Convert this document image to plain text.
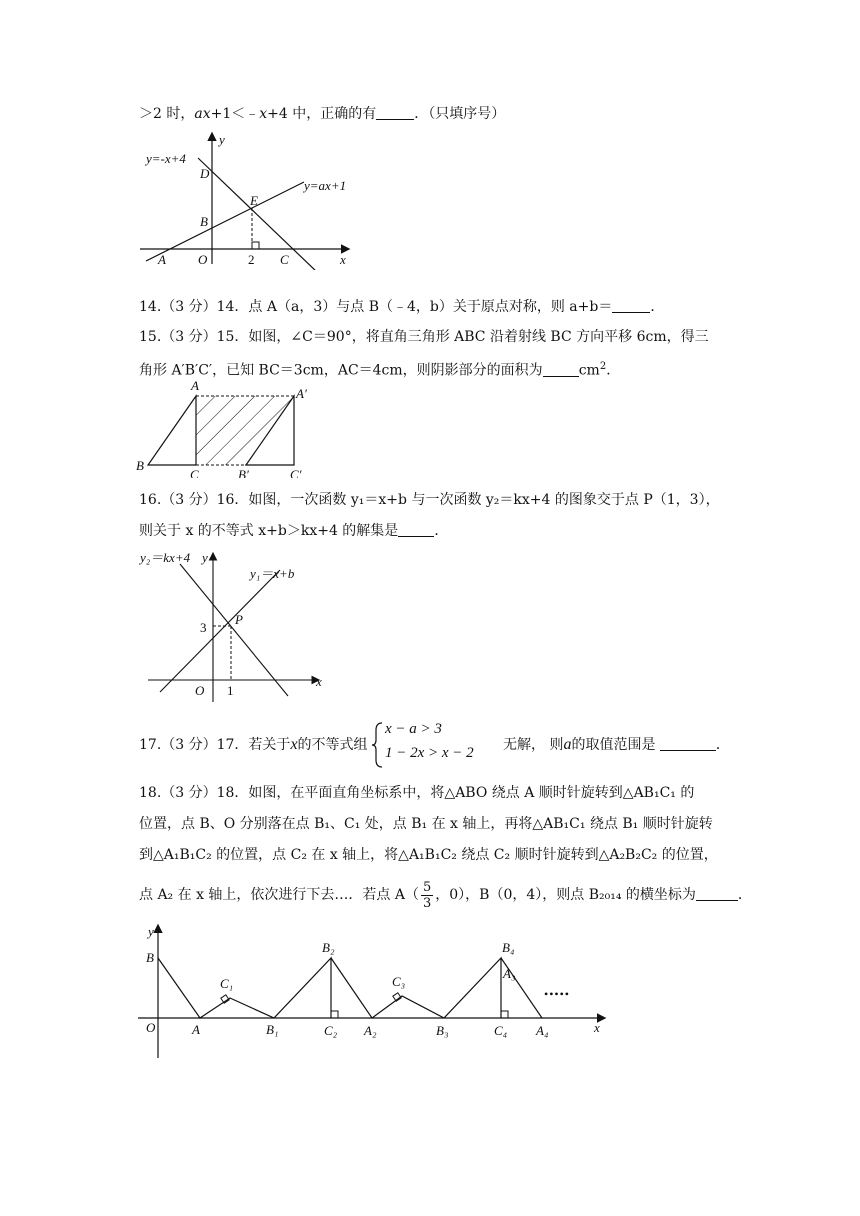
＞2 时，ax+1＜﹣x+4 中，正确的有	．（只填序号）
y
x
y=-x+4
y=ax+1
D
E
B
A O	2 C
14.（3 分）14．点 A（a，3）与点 B（﹣4，b）关于原点对称，则 a+b＝	．
15.（3 分）15．如图，∠C＝90°，将直角三角形 ABC 沿着射线 BC 方向平移 6cm，得三
角形 A′B′C′，已知 BC＝3cm，AC＝4cm，则阴影部分的面积为	$cm^2$．
A
A′
B
C	B′	C′
16.（3 分）16．如图，一次函数 y₁＝x+b 与一次函数 y₂＝kx+4 的图象交于点 P（1，3），
则关于 x 的不等式 x+b＞kx+4 的解集是	．
y₂＝kx+4 y
y₁＝x+b
P
3
O 1
x
17.（3 分）17．若关于x的不等式组
x − a > 3
1 − 2x > x − 2 无解， 则a的取值范围是	．
18.（3 分）18．如图，在平面直角坐标系中，将△ABO 绕点 A 顺时针旋转到△AB₁C₁ 的
位置，点 B、O 分别落在点 B₁、C₁ 处，点 B₁ 在 x 轴上，再将△AB₁C₁ 绕点 B₁ 顺时针旋转
到△A₁B₁C₂ 的位置，点 C₂ 在 x 轴上，将△A₁B₁C₂ 绕点 C₂ 顺时针旋转到△A₂B₂C₂ 的位置，
点 A₂ 在 x 轴上，依次进行下去…．若点 $A( \frac{5}{3}$ ，0），B（0，4），则点 B₂₀₁₄ 的横坐标为	．
y
x
B
O	A
C₁
B₁
B₂
C₂ A₂
C₃
B₃
B₄
A₃
C₄ A₄
•••••
